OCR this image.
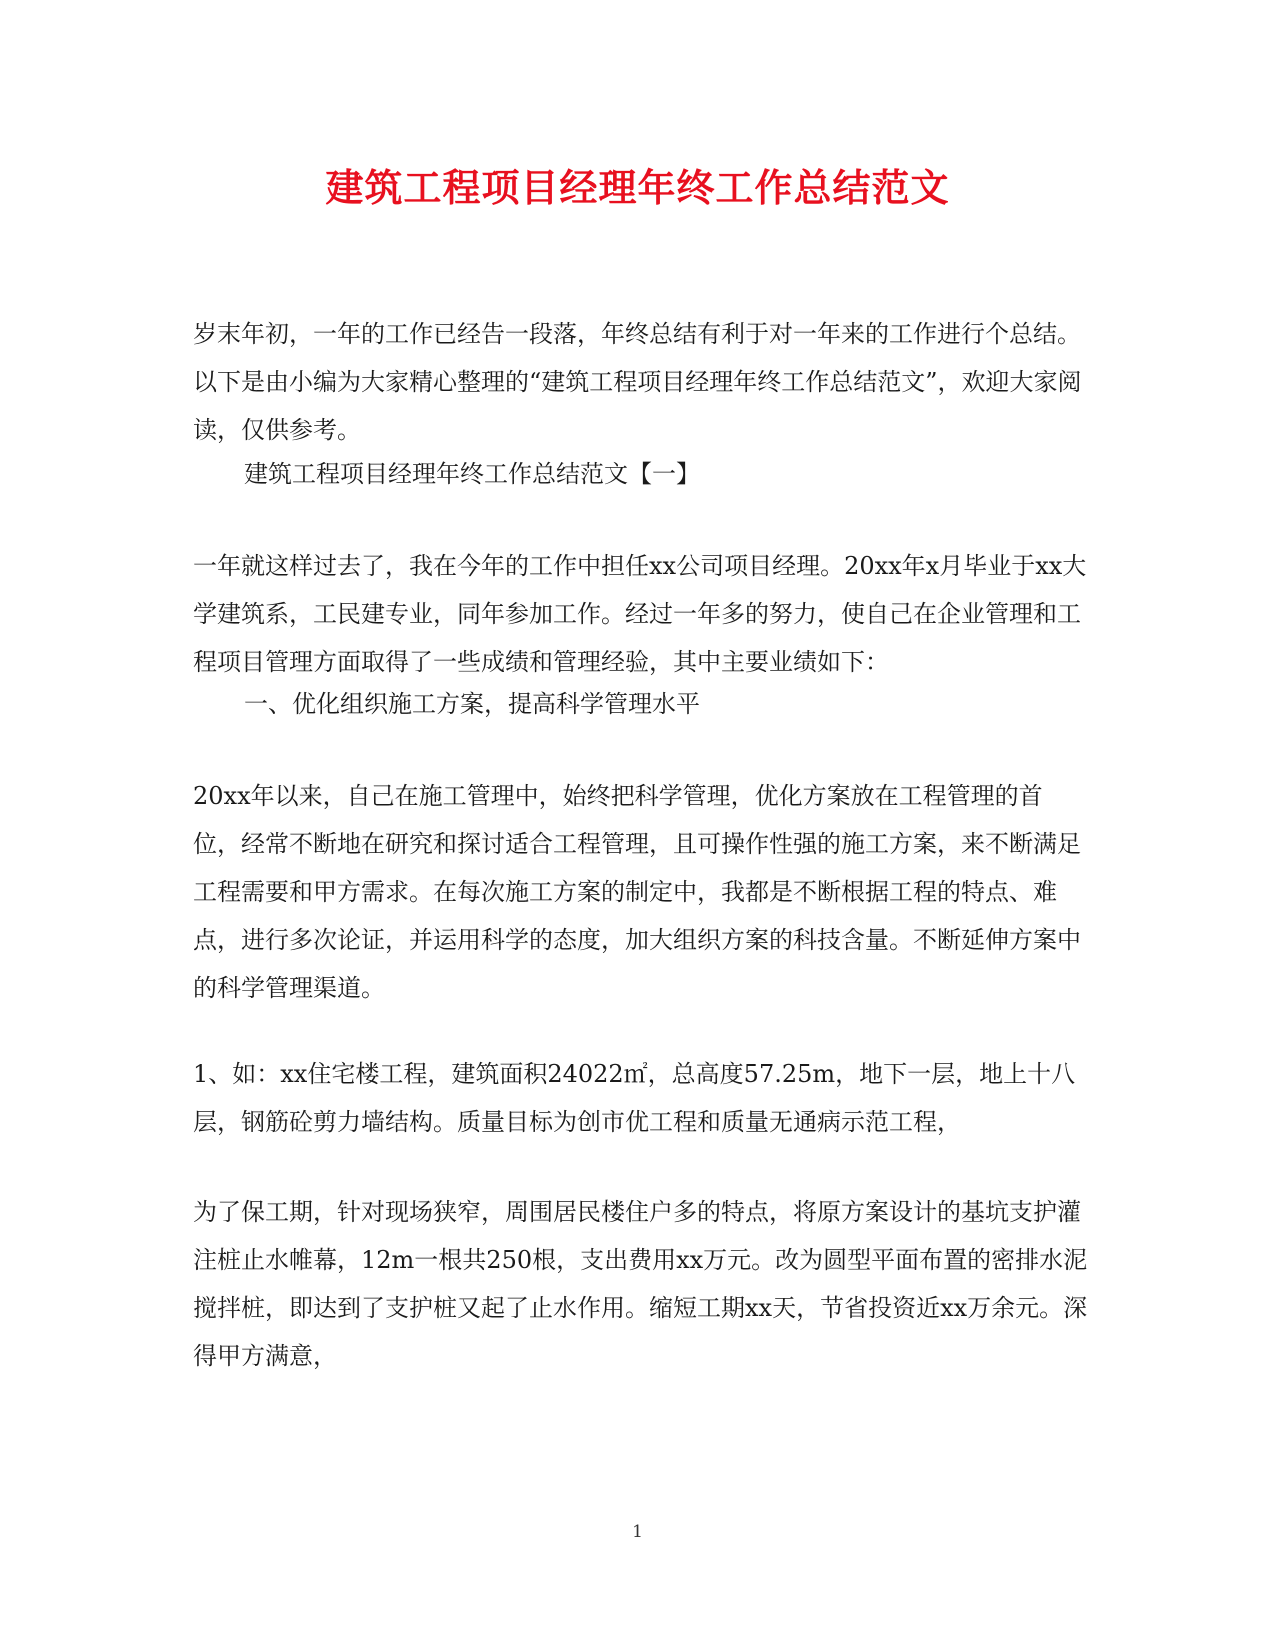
建筑工程项目经理年终工作总结范文

岁末年初，一年的工作已经告一段落，年终总结有利于对一年来的工作进行个总结。以下是由小编为大家精心整理的“建筑工程项目经理年终工作总结范文”，欢迎大家阅读，仅供参考。

建筑工程项目经理年终工作总结范文【一】

一年就这样过去了，我在今年的工作中担任xx公司项目经理。20xx年x月毕业于xx大学建筑系，工民建专业，同年参加工作。经过一年多的努力，使自己在企业管理和工程项目管理方面取得了一些成绩和管理经验，其中主要业绩如下：

一、优化组织施工方案，提高科学管理水平

20xx年以来，自己在施工管理中，始终把科学管理，优化方案放在工程管理的首位，经常不断地在研究和探讨适合工程管理，且可操作性强的施工方案，来不断满足工程需要和甲方需求。在每次施工方案的制定中，我都是不断根据工程的特点、难点，进行多次论证，并运用科学的态度，加大组织方案的科技含量。不断延伸方案中的科学管理渠道。

1、如：xx住宅楼工程，建筑面积24022㎡，总高度57.25m，地下一层，地上十八层，钢筋砼剪力墙结构。质量目标为创市优工程和质量无通病示范工程，

为了保工期，针对现场狭窄，周围居民楼住户多的特点，将原方案设计的基坑支护灌注桩止水帷幕，12m一根共250根，支出费用xx万元。改为圆型平面布置的密排水泥搅拌桩，即达到了支护桩又起了止水作用。缩短工期xx天，节省投资近xx万余元。深得甲方满意，

1
